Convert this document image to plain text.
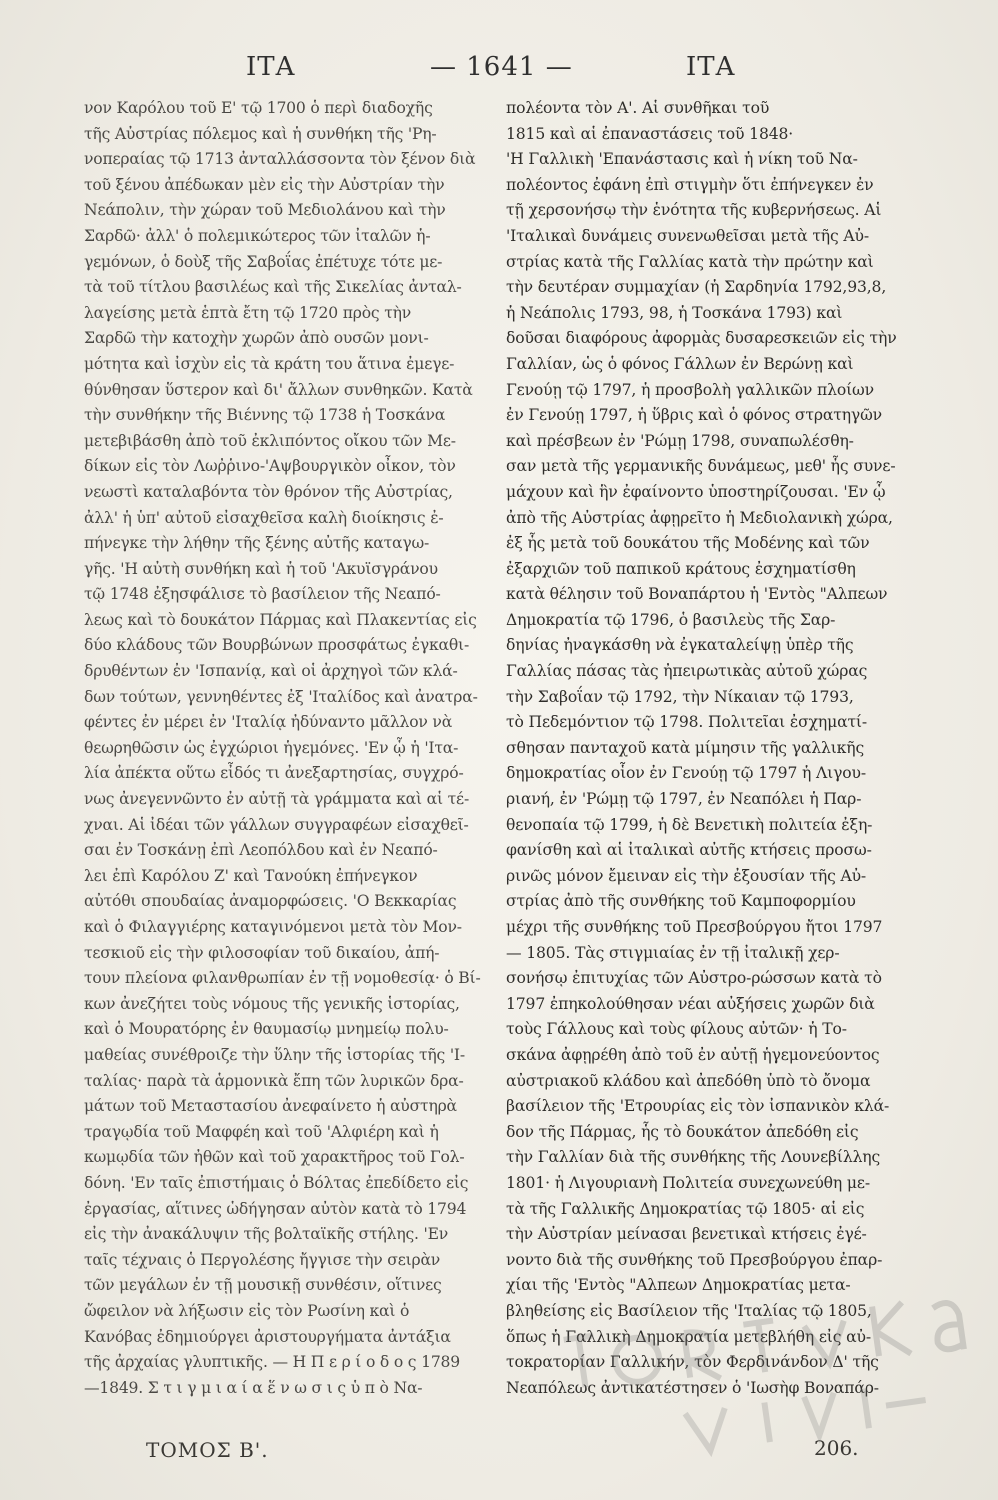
ΙΤΑ	— 1641 —	ΙΤΑ
νον Καρόλου τοῦ Ε' τῷ 1700 ὁ περὶ διαδοχῆς
τῆς Αὐστρίας πόλεμος καὶ ἡ συνθήκη τῆς 'Ρη-
νοπεραίας τῷ 1713 ἀνταλλάσσοντα τὸν ξένον διὰ
τοῦ ξένου ἀπέδωκαν μὲν εἰς τὴν Αὐστρίαν τὴν
Νεάπολιν, τὴν χώραν τοῦ Μεδιολάνου καὶ τὴν
Σαρδῶ· ἀλλ' ὁ πολεμικώτερος τῶν ἰταλῶν ἡ-
γεμόνων, ὁ δοὺξ τῆς Σαβοΐας ἐπέτυχε τότε με-
τὰ τοῦ τίτλου βασιλέως καὶ τῆς Σικελίας ἀνταλ-
λαγείσης μετὰ ἑπτὰ ἔτη τῷ 1720 πρὸς τὴν
Σαρδῶ τὴν κατοχὴν χωρῶν ἀπὸ ουσῶν μονι-
μότητα καὶ ἰσχὺν εἰς τὰ κράτη του ἅτινα ἐμεγε-
θύνθησαν ὕστερον καὶ δι' ἄλλων συνθηκῶν. Κατὰ
τὴν συνθήκην τῆς Βιέννης τῷ 1738 ἡ Τοσκάνα
μετεβιβάσθη ἀπὸ τοῦ ἐκλιπόντος οἴκου τῶν Με-
δίκων εἰς τὸν Λωῤῥινο-'Αψβουργικὸν οἶκον, τὸν
νεωστὶ καταλαβόντα τὸν θρόνον τῆς Αὐστρίας,
ἀλλ' ἡ ὑπ' αὐτοῦ εἰσαχθεῖσα καλὴ διοίκησις ἐ-
πήνεγκε τὴν λήθην τῆς ξένης αὐτῆς καταγω-
γῆς. 'Η αὐτὴ συνθήκη καὶ ἡ τοῦ 'Ακυϊσγράνου
τῷ 1748 ἐξησφάλισε τὸ βασίλειον τῆς Νεαπό-
λεως καὶ τὸ δουκάτον Πάρμας καὶ Πλακεντίας εἰς
δύο κλάδους τῶν Βουρβώνων προσφάτως ἐγκαθι-
δρυθέντων ἐν 'Ισπανίᾳ, καὶ οἱ ἀρχηγοὶ τῶν κλά-
δων τούτων, γεννηθέντες ἐξ 'Ιταλίδος καὶ ἀνατρα-
φέντες ἐν μέρει ἐν 'Ιταλίᾳ ἠδύναντο μᾶλλον νὰ
θεωρηθῶσιν ὡς ἐγχώριοι ἡγεμόνες. 'Εν ᾧ ἡ 'Ιτα-
λία ἀπέκτα οὕτω εἶδός τι ἀνεξαρτησίας, συγχρό-
νως ἀνεγεννῶντο ἐν αὐτῇ τὰ γράμματα καὶ αἱ τέ-
χναι. Αἱ ἰδέαι τῶν γάλλων συγγραφέων εἰσαχθεῖ-
σαι ἐν Τοσκάνῃ ἐπὶ Λεοπόλδου καὶ ἐν Νεαπό-
λει ἐπὶ Καρόλου Ζ' καὶ Τανούκη ἐπήνεγκον
αὐτόθι σπουδαίας ἀναμορφώσεις. 'Ο Βεκκαρίας
καὶ ὁ Φιλαγγιέρης καταγινόμενοι μετὰ τὸν Μον-
τεσκιοῦ εἰς τὴν φιλοσοφίαν τοῦ δικαίου, ἀπή-
τουν πλείονα φιλανθρωπίαν ἐν τῇ νομοθεσίᾳ· ὁ Βί-
κων ἀνεζήτει τοὺς νόμους τῆς γενικῆς ἱστορίας,
καὶ ὁ Μουρατόρης ἐν θαυμασίῳ μνημείῳ πολυ-
μαθείας συνέθροιζε τὴν ὕλην τῆς ἱστορίας τῆς 'Ι-
ταλίας· παρὰ τὰ ἁρμονικὰ ἔπη τῶν λυρικῶν δρα-
μάτων τοῦ Μεταστασίου ἀνεφαίνετο ἡ αὐστηρὰ
τραγῳδία τοῦ Μαφφέη καὶ τοῦ 'Αλφιέρη καὶ ἡ
κωμῳδία τῶν ἠθῶν καὶ τοῦ χαρακτῆρος τοῦ Γολ-
δόνη. 'Εν ταῖς ἐπιστήμαις ὁ Βόλτας ἐπεδίδετο εἰς
ἐργασίας, αἵτινες ὡδήγησαν αὐτὸν κατὰ τὸ 1794
εἰς τὴν ἀνακάλυψιν τῆς βολταϊκῆς στήλης. 'Εν
ταῖς τέχναις ὁ Περγολέσης ἤγγισε τὴν σειρὰν
τῶν μεγάλων ἐν τῇ μουσικῇ συνθέσιν, οἵτινες
ὤφειλον νὰ λήξωσιν εἰς τὸν Ρωσίνη καὶ ὁ
Κανόβας ἐδημιούργει ἀριστουργήματα ἀντάξια
τῆς ἀρχαίας γλυπτικῆς. — Η Π ε ρ ί ο δ ο ς 1789
—1849. Σ τ ι γ μ ι α ί α ἕ ν ω σ ι ς ὑ π ὸ Να-
πολέοντα τὸν Α'. Αἱ συνθῆκαι τοῦ
1815 καὶ αἱ ἐπαναστάσεις τοῦ 1848·
'Η Γαλλικὴ 'Επανάστασις καὶ ἡ νίκη τοῦ Να-
πολέοντος ἐφάνη ἐπὶ στιγμὴν ὅτι ἐπήνεγκεν ἐν
τῇ χερσονήσῳ τὴν ἑνότητα τῆς κυβερνήσεως. Αἱ
'Ιταλικαὶ δυνάμεις συνενωθεῖσαι μετὰ τῆς Αὐ-
στρίας κατὰ τῆς Γαλλίας κατὰ τὴν πρώτην καὶ
τὴν δευτέραν συμμαχίαν (ἡ Σαρδηνία 1792,93,8,
ἡ Νεάπολις 1793, 98, ἡ Τοσκάνα 1793) καὶ
δοῦσαι διαφόρους ἀφορμὰς δυσαρεσκειῶν εἰς τὴν
Γαλλίαν, ὡς ὁ φόνος Γάλλων ἐν Βερώνῃ καὶ
Γενούῃ τῷ 1797, ἡ προσβολὴ γαλλικῶν πλοίων
ἐν Γενούῃ 1797, ἡ ὕβρις καὶ ὁ φόνος στρατηγῶν
καὶ πρέσβεων ἐν 'Ρώμῃ 1798, συναπωλέσθη-
σαν μετὰ τῆς γερμανικῆς δυνάμεως, μεθ' ἧς συνε-
μάχουν καὶ ἣν ἐφαίνοντο ὑποστηρίζουσαι. 'Εν ᾧ
ἀπὸ τῆς Αὐστρίας ἀφῃρεῖτο ἡ Μεδιολανικὴ χώρα,
ἐξ ἧς μετὰ τοῦ δουκάτου τῆς Μοδένης καὶ τῶν
ἐξαρχιῶν τοῦ παπικοῦ κράτους ἐσχηματίσθη
κατὰ θέλησιν τοῦ Βοναπάρτου ἡ 'Εντὸς "Αλπεων
Δημοκρατία τῷ 1796, ὁ βασιλεὺς τῆς Σαρ-
δηνίας ἠναγκάσθη νὰ ἐγκαταλείψῃ ὑπὲρ τῆς
Γαλλίας πάσας τὰς ἠπειρωτικὰς αὐτοῦ χώρας
τὴν Σαβοΐαν τῷ 1792, τὴν Νίκαιαν τῷ 1793,
τὸ Πεδεμόντιον τῷ 1798. Πολιτεῖαι ἐσχηματί-
σθησαν πανταχοῦ κατὰ μίμησιν τῆς γαλλικῆς
δημοκρατίας οἷον ἐν Γενούῃ τῷ 1797 ἡ Λιγου-
ριανή, ἐν 'Ρώμῃ τῷ 1797, ἐν Νεαπόλει ἡ Παρ-
θενοπαία τῷ 1799, ἡ δὲ Βενετικὴ πολιτεία ἐξη-
φανίσθη καὶ αἱ ἰταλικαὶ αὐτῆς κτήσεις προσω-
ρινῶς μόνον ἔμειναν εἰς τὴν ἐξουσίαν τῆς Αὐ-
στρίας ἀπὸ τῆς συνθήκης τοῦ Καμποφορμίου
μέχρι τῆς συνθήκης τοῦ Πρεσβούργου ἤτοι 1797
— 1805. Τὰς στιγμιαίας ἐν τῇ ἰταλικῇ χερ-
σονήσῳ ἐπιτυχίας τῶν Αὐστρο-ρώσσων κατὰ τὸ
1797 ἐπηκολούθησαν νέαι αὐξήσεις χωρῶν διὰ
τοὺς Γάλλους καὶ τοὺς φίλους αὐτῶν· ἡ Το-
σκάνα ἀφῃρέθη ἀπὸ τοῦ ἐν αὐτῇ ἡγεμονεύοντος
αὐστριακοῦ κλάδου καὶ ἀπεδόθη ὑπὸ τὸ ὄνομα
βασίλειον τῆς 'Ετρουρίας εἰς τὸν ἰσπανικὸν κλά-
δον τῆς Πάρμας, ἧς τὸ δουκάτον ἀπεδόθη εἰς
τὴν Γαλλίαν διὰ τῆς συνθήκης τῆς Λουνεβίλλης
1801· ἡ Λιγουριανὴ Πολιτεία συνεχωνεύθη με-
τὰ τῆς Γαλλικῆς Δημοκρατίας τῷ 1805· αἱ εἰς
τὴν Αὐστρίαν μείνασαι βενετικαὶ κτήσεις ἐγέ-
νοντο διὰ τῆς συνθήκης τοῦ Πρεσβούργου ἐπαρ-
χίαι τῆς 'Εντὸς "Αλπεων Δημοκρατίας μετα-
βληθείσης εἰς Βασίλειον τῆς 'Ιταλίας τῷ 1805,
ὅπως ἡ Γαλλικὴ Δημοκρατία μετεβλήθη εἰς αὐ-
τοκρατορίαν Γαλλικήν, τὸν Φερδινάνδον Δ' τῆς
Νεαπόλεως ἀντικατέστησεν ὁ 'Ιωσὴφ Βοναπάρ-
ΤΟΜΟΣ Β'.	206.
